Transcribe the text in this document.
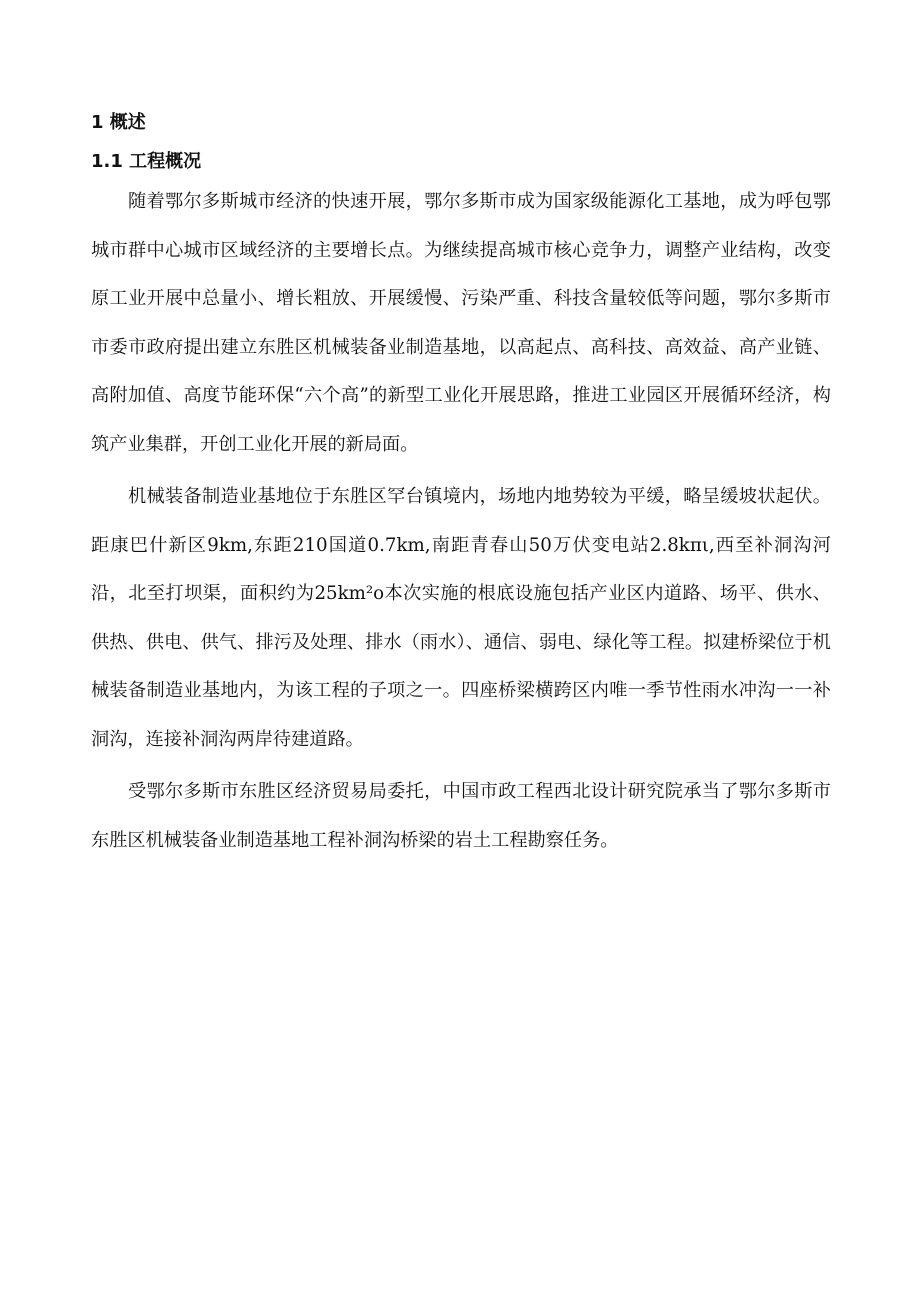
1 概述
1.1 工程概况

随着鄂尔多斯城市经济的快速开展，鄂尔多斯市成为国家级能源化工基地，成为呼包鄂城市群中心城市区域经济的主要增长点。为继续提高城市核心竞争力，调整产业结构，改变原工业开展中总量小、增长粗放、开展缓慢、污染严重、科技含量较低等问题，鄂尔多斯市市委市政府提出建立东胜区机械装备业制造基地，以高起点、高科技、高效益、高产业链、高附加值、高度节能环保“六个高”的新型工业化开展思路，推进工业园区开展循环经济，构筑产业集群，开创工业化开展的新局面。

机械装备制造业基地位于东胜区罕台镇境内，场地内地势较为平缓，略呈缓坡状起伏。距康巴什新区9km,东距210国道0.7km,南距青春山50万伏变电站2.8kπι,西至补洞沟河沿，北至打坝渠，面积约为25km²o本次实施的根底设施包括产业区内道路、场平、供水、供热、供电、供气、排污及处理、排水（雨水）、通信、弱电、绿化等工程。拟建桥梁位于机械装备制造业基地内，为该工程的子项之一。四座桥梁横跨区内唯一季节性雨水冲沟一一补洞沟，连接补洞沟两岸待建道路。

受鄂尔多斯市东胜区经济贸易局委托，中国市政工程西北设计研究院承当了鄂尔多斯市东胜区机械装备业制造基地工程补洞沟桥梁的岩土工程勘察任务。
